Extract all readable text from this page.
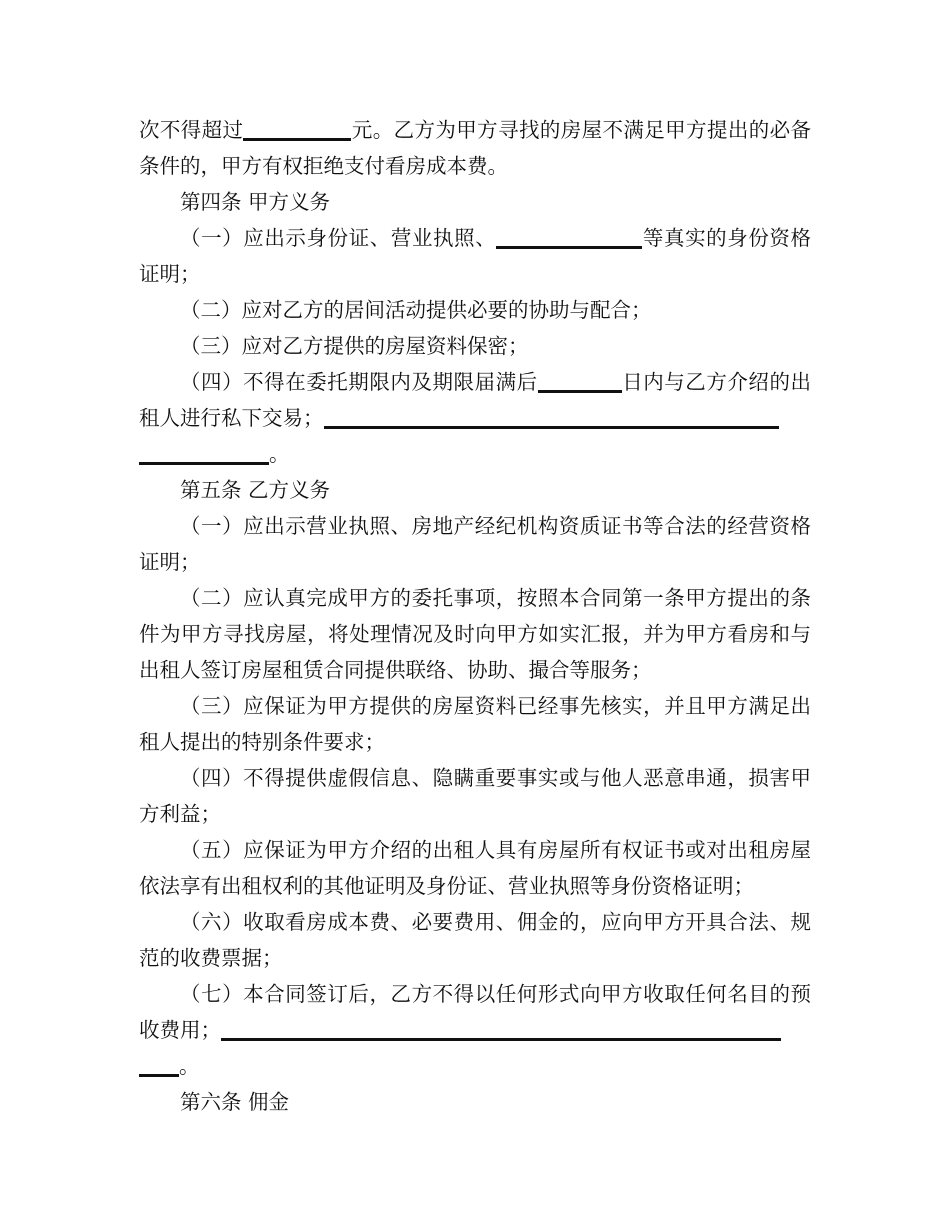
次不得超过	元。乙方为甲方寻找的房屋不满足甲方提出的必备条件的，甲方有权拒绝支付看房成本费。

第四条 甲方义务

（一）应出示身份证、营业执照、	等真实的身份资格证明；

（二）应对乙方的居间活动提供必要的协助与配合；

（三）应对乙方提供的房屋资料保密；

（四）不得在委托期限内及期限届满后	日内与乙方介绍的出租人进行私下交易；

。

第五条 乙方义务

（一）应出示营业执照、房地产经纪机构资质证书等合法的经营资格证明；

（二）应认真完成甲方的委托事项，按照本合同第一条甲方提出的条件为甲方寻找房屋，将处理情况及时向甲方如实汇报，并为甲方看房和与出租人签订房屋租赁合同提供联络、协助、撮合等服务；

（三）应保证为甲方提供的房屋资料已经事先核实，并且甲方满足出租人提出的特别条件要求；

（四）不得提供虚假信息、隐瞒重要事实或与他人恶意串通，损害甲方利益；

（五）应保证为甲方介绍的出租人具有房屋所有权证书或对出租房屋依法享有出租权利的其他证明及身份证、营业执照等身份资格证明；

（六）收取看房成本费、必要费用、佣金的，应向甲方开具合法、规范的收费票据；

（七）本合同签订后，乙方不得以任何形式向甲方收取任何名目的预收费用；

。

第六条 佣金
